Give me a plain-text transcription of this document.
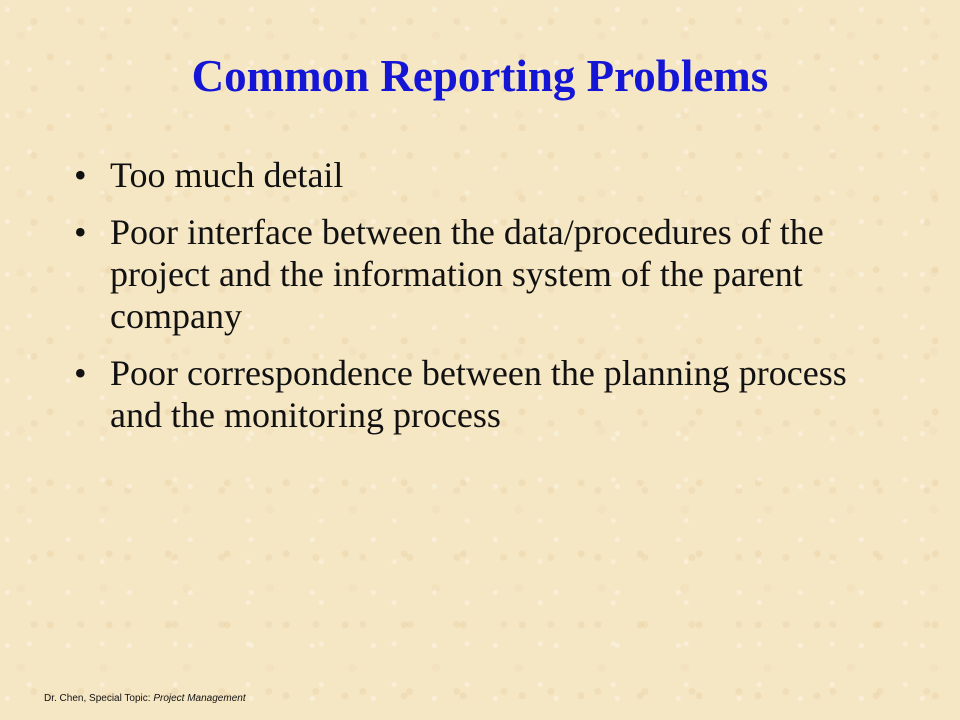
Common Reporting Problems
• Too much detail
• Poor interface between the data/procedures of the project and the information system of the parent company
• Poor correspondence between the planning process and the monitoring process
Dr. Chen, Special Topic: Project Management
